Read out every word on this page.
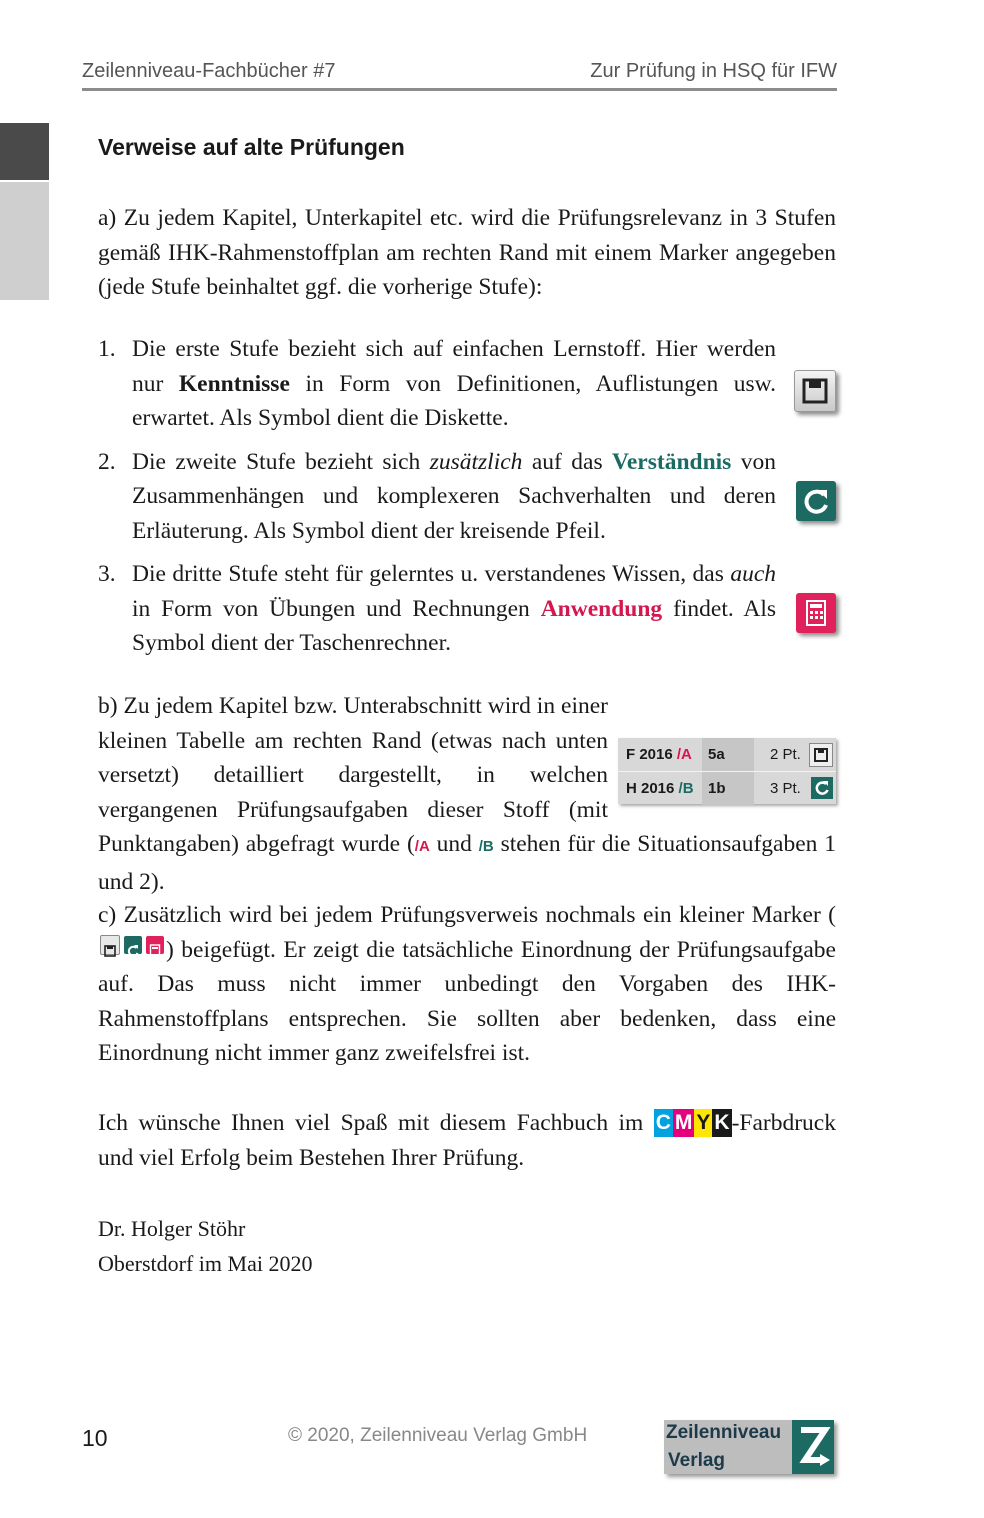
Zeilenniveau-Fachbücher #7	Zur Prüfung in HSQ für IFW
Verweise auf alte Prüfungen
a) Zu jedem Kapitel, Unterkapitel etc. wird die Prüfungsrelevanz in 3 Stufen gemäß IHK-Rahmenstoffplan am rechten Rand mit einem Marker angegeben (jede Stufe beinhaltet ggf. die vorherige Stufe):
1. Die erste Stufe bezieht sich auf einfachen Lernstoff. Hier werden nur Kenntnisse in Form von Definitionen, Auflistungen usw. erwartet. Als Symbol dient die Diskette.
2. Die zweite Stufe bezieht sich zusätzlich auf das Verständnis von Zusammenhängen und komplexeren Sachverhalten und deren Erläuterung. Als Symbol dient der kreisende Pfeil.
3. Die dritte Stufe steht für gelerntes u. verstandenes Wissen, das auch in Form von Übungen und Rechnungen Anwendung findet. Als Symbol dient der Taschenrechner.
b) Zu jedem Kapitel bzw. Unterabschnitt wird in einer kleinen Tabelle am rechten Rand (etwas nach unten versetzt) detailliert dargestellt, in welchen vergangenen Prüfungsaufgaben dieser Stoff (mit Punktangaben) abgefragt wurde (/A und /B stehen für die Situationsaufgaben 1 und 2).
F 2016 /A 5a	2 Pt.
H 2016 /B 1b	3 Pt.
c) Zusätzlich wird bei jedem Prüfungsverweis nochmals ein kleiner Marker () beigefügt. Er zeigt die tatsächliche Einordnung der Prüfungsaufgabe auf. Das muss nicht immer unbedingt den Vorgaben des IHK-Rahmenstoffplans entsprechen. Sie sollten aber bedenken, dass eine Einordnung nicht immer ganz zweifelsfrei ist.
Ich wünsche Ihnen viel Spaß mit diesem Fachbuch im C M Y K-Farbdruck und viel Erfolg beim Bestehen Ihrer Prüfung.
Dr. Holger Stöhr
Oberstdorf im Mai 2020
10	© 2020, Zeilenniveau Verlag GmbH	Zeilenniveau
Verlag
